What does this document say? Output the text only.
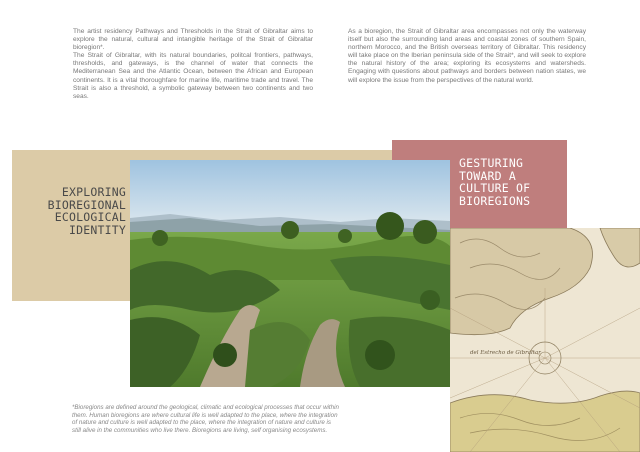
The artist residency Pathways and Thresholds in the Strait of Gibraltar aims to explore the natural, cultural and intangible heritage of the Strait of Gibraltar bioregion*.

The Strait of Gibraltar, with its natural boundaries, politcal frontiers, pathways, thresholds, and gateways, is the channel of water that connects the Mediterranean Sea and the Atlantic Ocean, between the African and European continents. It is a vital thoroughfare for marine life, maritime trade and travel. The Strait is also a threshold, a symbolic gateway between two continents and two seas.

As a bioregion, the Strait of Gibraltar area encompasses not only the waterway itself but also the surrounding land areas and coastal zones of southern Spain, northern Morocco, and the British overseas territory of Gibraltar. This residency will take place on the Iberian peninsula side of the Strait*, and will seek to explore the natural history of the area; exploring its ecosystems and watersheds. Engaging with questions about pathways and borders between nation states, we will explore the issue from the perspectives of the natural world.

EXPLORING
BIOREGIONAL
ECOLOGICAL
IDENTITY
GESTURING
TOWARD A
CULTURE OF
BIOREGIONS
del Estrecho de Gibraltar
*Bioregions are defined around the geological, climatic and ecological processes that occur within them. Human bioregions are where cultural life is well adapted to the place, where the integration of nature and culture is well adapted to the place, where the integration of nature and culture is still alive in the communities who live there. Bioregions are living, self organising ecosystems.
